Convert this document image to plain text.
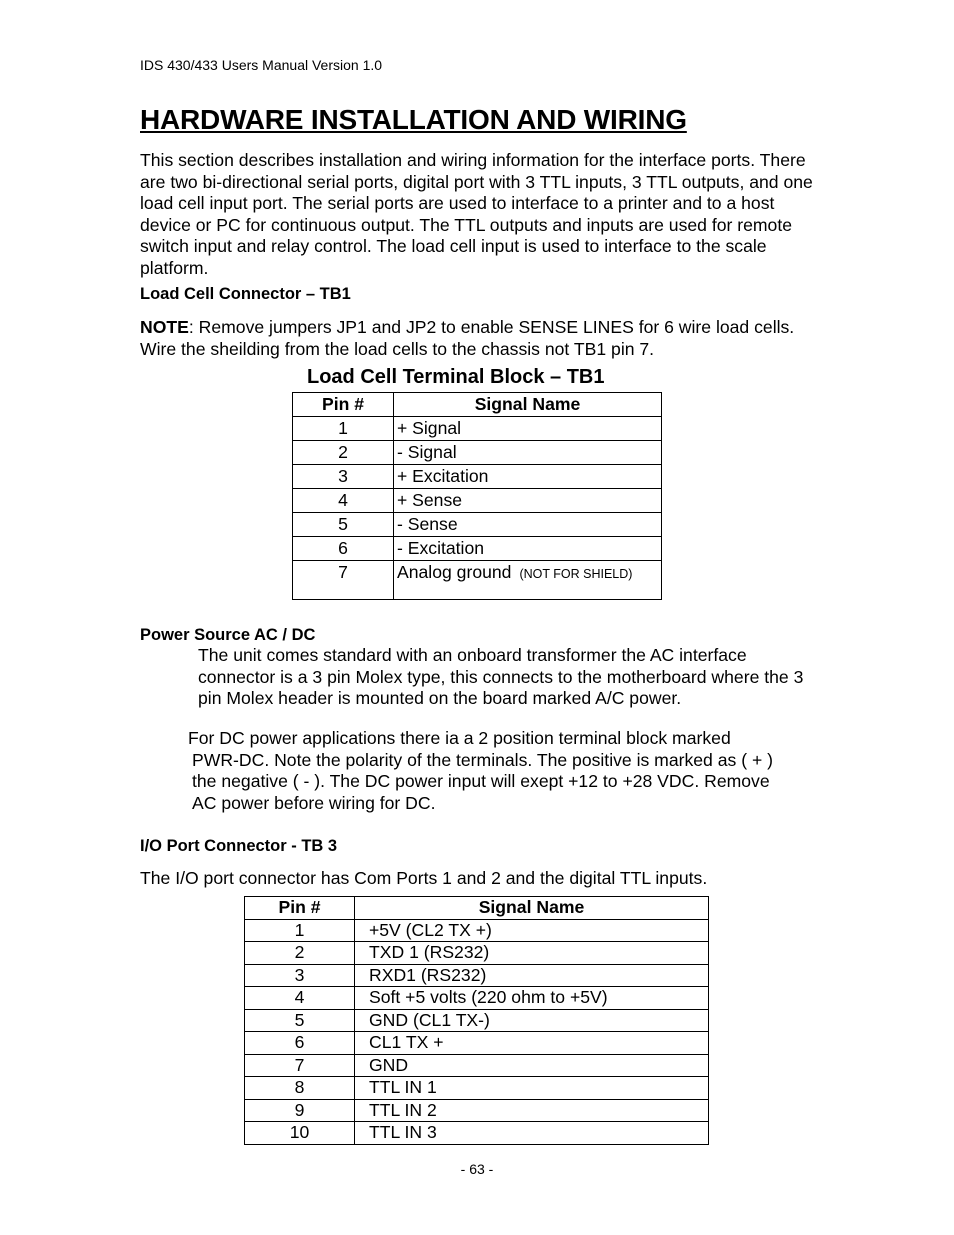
IDS 430/433 Users Manual Version 1.0
HARDWARE INSTALLATION AND WIRING
This section describes installation and wiring information for the interface ports. There are two bi-directional serial ports, digital port with 3 TTL inputs, 3 TTL outputs, and one load cell input port. The serial ports are used to interface to a printer and to a host device or PC for continuous output. The TTL outputs and inputs are used for remote switch input and relay control. The load cell input is used to interface to the scale platform.
Load Cell Connector – TB1
NOTE: Remove jumpers JP1 and JP2 to enable SENSE LINES for 6 wire load cells. Wire the sheilding from the load cells to the chassis not TB1 pin 7.
Load Cell Terminal Block – TB1
Pin #	Signal Name
1	+ Signal
2	- Signal
3	+ Excitation
4	+ Sense
5	- Sense
6	- Excitation
7	Analog ground (NOT FOR SHIELD)
Power Source AC / DC
The unit comes standard with an onboard transformer the AC interface connector is a 3 pin Molex type, this connects to the motherboard where the 3 pin Molex header is mounted on the board marked A/C power.
For DC power applications there ia a 2 position terminal block marked
PWR-DC. Note the polarity of the terminals. The positive is marked as ( + )
the negative ( - ). The DC power input will exept +12 to +28 VDC. Remove
AC power before wiring for DC.
I/O Port Connector - TB 3
The I/O port connector has Com Ports 1 and 2 and the digital TTL inputs.
Pin #	Signal Name
1	+5V (CL2 TX +)
2	TXD 1 (RS232)
3	RXD1 (RS232)
4	Soft +5 volts (220 ohm to +5V)
5	GND (CL1 TX-)
6	CL1 TX +
7	GND
8	TTL IN 1
9	TTL IN 2
10	TTL IN 3
- 63 -
